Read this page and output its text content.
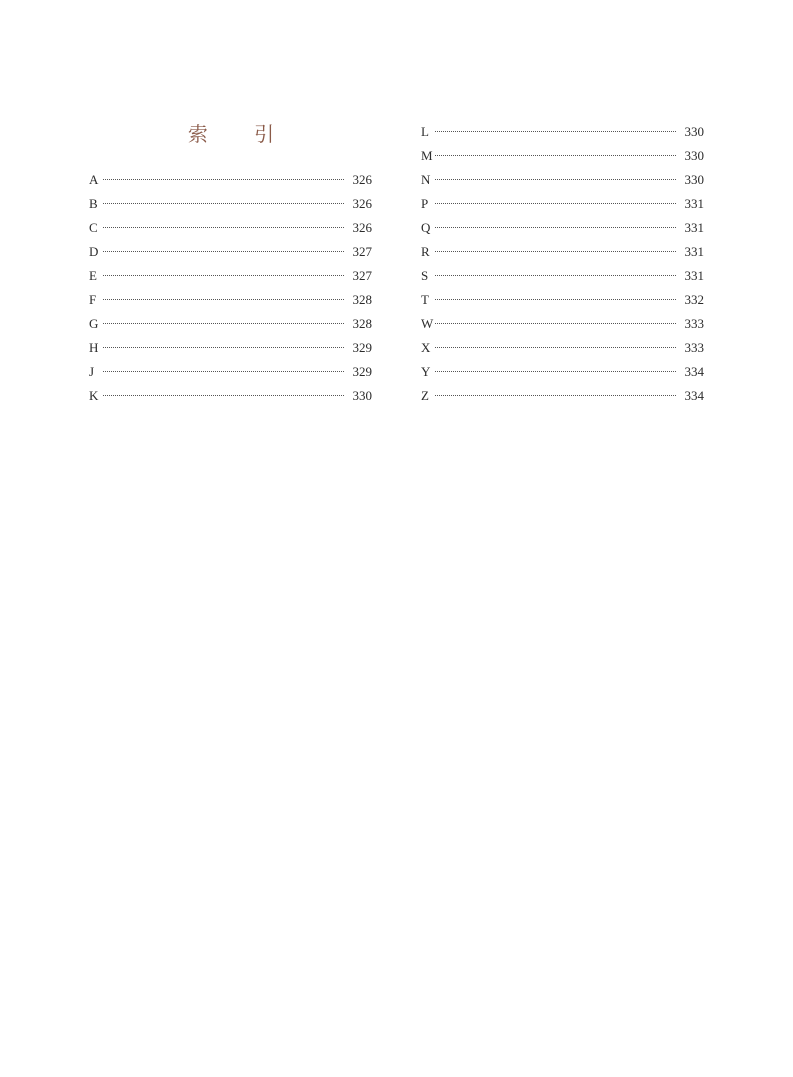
索 引
A	326
B	326
C	326
D	327
E	327
F	328
G	328
H	329
J	329
K	330
L	330
M	330
N	330
P	331
Q	331
R	331
S	331
T	332
W	333
X	333
Y	334
Z	334
